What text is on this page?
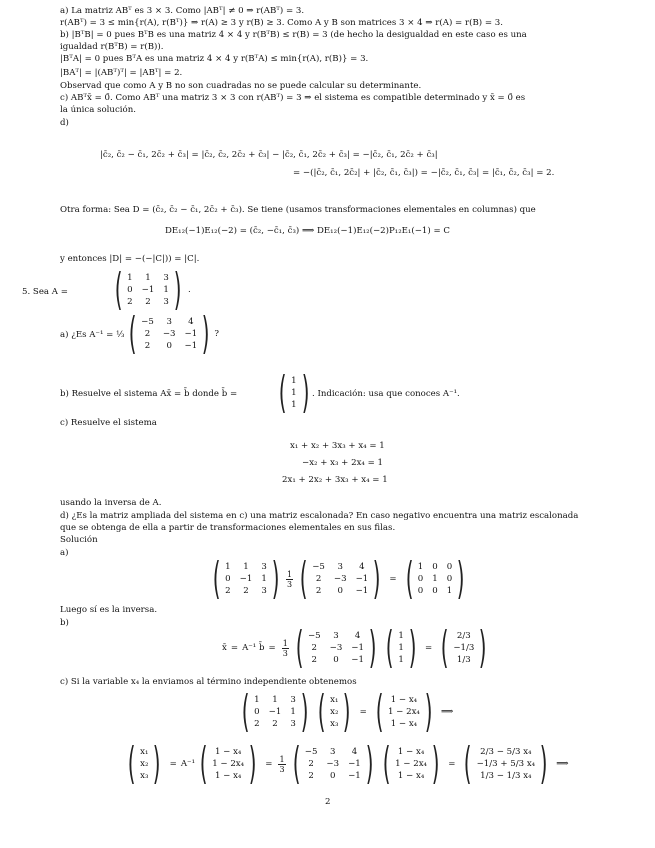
a) La matriz ABᵀ es 3 × 3. Como |ABᵀ| ≠ 0 ⇒ r(ABᵀ) = 3.
r(ABᵀ) = 3 ≤ min{r(A), r(Bᵀ)} ⇒ r(A) ≥ 3 y r(B) ≥ 3. Como A y B son matrices 3 × 4 ⇒ r(A) = r(B) = 3.
b) |BᵀB| = 0 pues BᵀB es una matriz 4 × 4 y r(BᵀB) ≤ r(B) = 3 (de hecho la desigualdad en este caso es una
igualdad r(BᵀB) = r(B)).
|BᵀA| = 0 pues BᵀA es una matriz 4 × 4 y r(BᵀA) ≤ min{r(A), r(B)} = 3.
|BAᵀ| = |(ABᵀ)ᵀ| = |ABᵀ| = 2.
Observad que como A y B no son cuadradas no se puede calcular su determinante.
c) ABᵀx̄ = 0̄. Como ABᵀ una matriz 3 × 3 con r(ABᵀ) = 3 ⇒ el sistema es compatible determinado y x̄ = 0̄ es
la única solución.
d)
|c̄₂, c̄₂ − c̄₁, 2c̄₂ + c̄₃| = |c̄₂, c̄₂, 2c̄₂ + c̄₃| − |c̄₂, c̄₁, 2c̄₂ + c̄₃| = −|c̄₂, c̄₁, 2c̄₂ + c̄₃|
= −(|c̄₂, c̄₁, 2c̄₂| + |c̄₂, c̄₁, c̄₃|) = −|c̄₂, c̄₁, c̄₃| = |c̄₁, c̄₂, c̄₃| = 2.
Otra forma: Sea D = (c̄₂, c̄₂ − c̄₁, 2c̄₂ + c̄₃). Se tiene (usamos transformaciones elementales en columnas) que
DE₁₂(−1)E₁₂(−2) = (c̄₂, −c̄₁, c̄₃) ⟹ DE₁₂(−1)E₁₂(−2)P₁₂E₁(−1) = C
y entonces |D| = −(−|C|)) = |C|.
5. Sea A = ( 1	1	3
0 −1 1
2	2	3 ) .
a) ¿Es A⁻¹ = ⅓ ( −5	3	4
2	−3 −1
2	0	−1 ) ?
b) Resuelve el sistema Ax̄ = b̄ donde b̄ = ( 1
1
1 ) . Indicación: usa que conoces A⁻¹.
c) Resuelve el sistema
x₁ + x₂ + 3x₃ + x₄ = 1
−x₂ + x₃ + 2x₄ = 1
2x₁ + 2x₂ + 3x₃ + x₄ = 1
usando la inversa de A.
d) ¿Es la matriz ampliada del sistema en c) una matriz escalonada? En caso negativo encuentra una matriz escalonada
que se obtenga de ella a partir de transformaciones elementales en sus filas.
Solución
a)	( 1	1	3
0 −1 1
2	2	3 ) $\frac{1}{3}$ ( −5	3	4
2	−3 −1
2	0	−1 ) = ( 1 0 0
0 1 0
0 0 1 )
Luego sí es la inversa.
b)
x̄ = A⁻¹ b̄ = $\frac{1}{3}$ ( −5	3	4
2	−3 −1
2	0	−1 ) ( 1
1
1 ) = ( 2/3
−1/3
1/3 )
c) Si la variable x₄ la enviamos al término independiente obtenemos
( 1	1	3
0 −1 1
2	2	3 ) ( x₁
x₂
x₃ ) = ( 1 − x₄
1 − 2x₄
1 − x₄ ) ⟹
( x₁
x₂
x₃ ) = A⁻¹ ( 1 − x₄
1 − 2x₄
1 − x₄ ) = $\frac{1}{3}$ ( −5	3	4
2	−3 −1
2	0	−1 ) ( 1 − x₄
1 − 2x₄
1 − x₄ ) = ( 2/3 − 5/3 x₄
−1/3 + 5/3 x₄
1/3 − 1/3 x₄ ) ⟹
2
